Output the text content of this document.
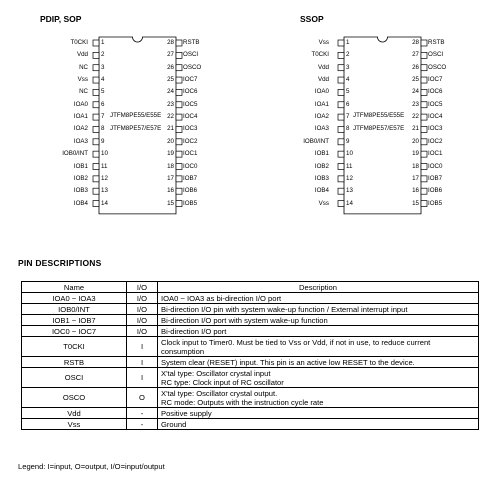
PDIP, SOP	SSOP
T0CKI 1
Vdd 2
NC 3
Vss 4
NC 5
IOA0 6
IOA1 7
IOA2 8
IOA3 9
IOB0/INT 10
IOB1 11
IOB2 12
IOB3 13
IOB4 14
28 RSTB
27 OSCI
26 OSCO
25 IOC7
24 IOC6
23 IOC5
22 IOC4
21 IOC3
20 IOC2
19 IOC1
18 IOC0
17 IOB7
16 IOB6
15 IOB5
JTFM8PE55/E55E
JTFM8PE57/E57E
Vss	1
T0CKI	2
Vdd	3
Vdd	4
IOA0	5
IOA1	6
IOA2	7
IOA3	8
IOB0/INT	9
IOB1	10
IOB2	11
IOB3	12
IOB4	13
Vss	14
28 RSTB
27 OSCI
26 OSCO
25 IOC7
24 IOC6
23 IOC5
22 IOC4
21 IOC3
20 IOC2
19 IOC1
18 IOC0
17 IOB7
16 IOB6
15 IOB5
JTFM8PE55/E55E
JTFM8PE57/E57E
PIN DESCRIPTIONS
Name	I/O	Description
IOA0 ~ IOA3	I/O	IOA0 ~ IOA3 as bi-direction I/O port

IOB0/INT	I/O	Bi-direction I/O pin with system wake-up function / External interrupt input

IOB1 ~ IOB7	I/O	Bi-direction I/O port with system wake-up function

IOC0 ~ IOC7	I/O	Bi-direction I/O port

T0CKI	I	Clock input to Timer0. Must be tied to Vss or Vdd, if not in use, to reduce current
consumption

RSTB	I	System clear (RESET) input. This pin is an active low RESET to the device.

OSCI	I	X'tal type: Oscillator crystal input
RC type: Clock input of RC oscillator

OSCO	O	X'tal type: Oscillator crystal output.
RC mode: Outputs with the instruction cycle rate

Vdd	-	Positive supply

Vss	-	Ground
Legend: I=input, O=output, I/O=input/output
